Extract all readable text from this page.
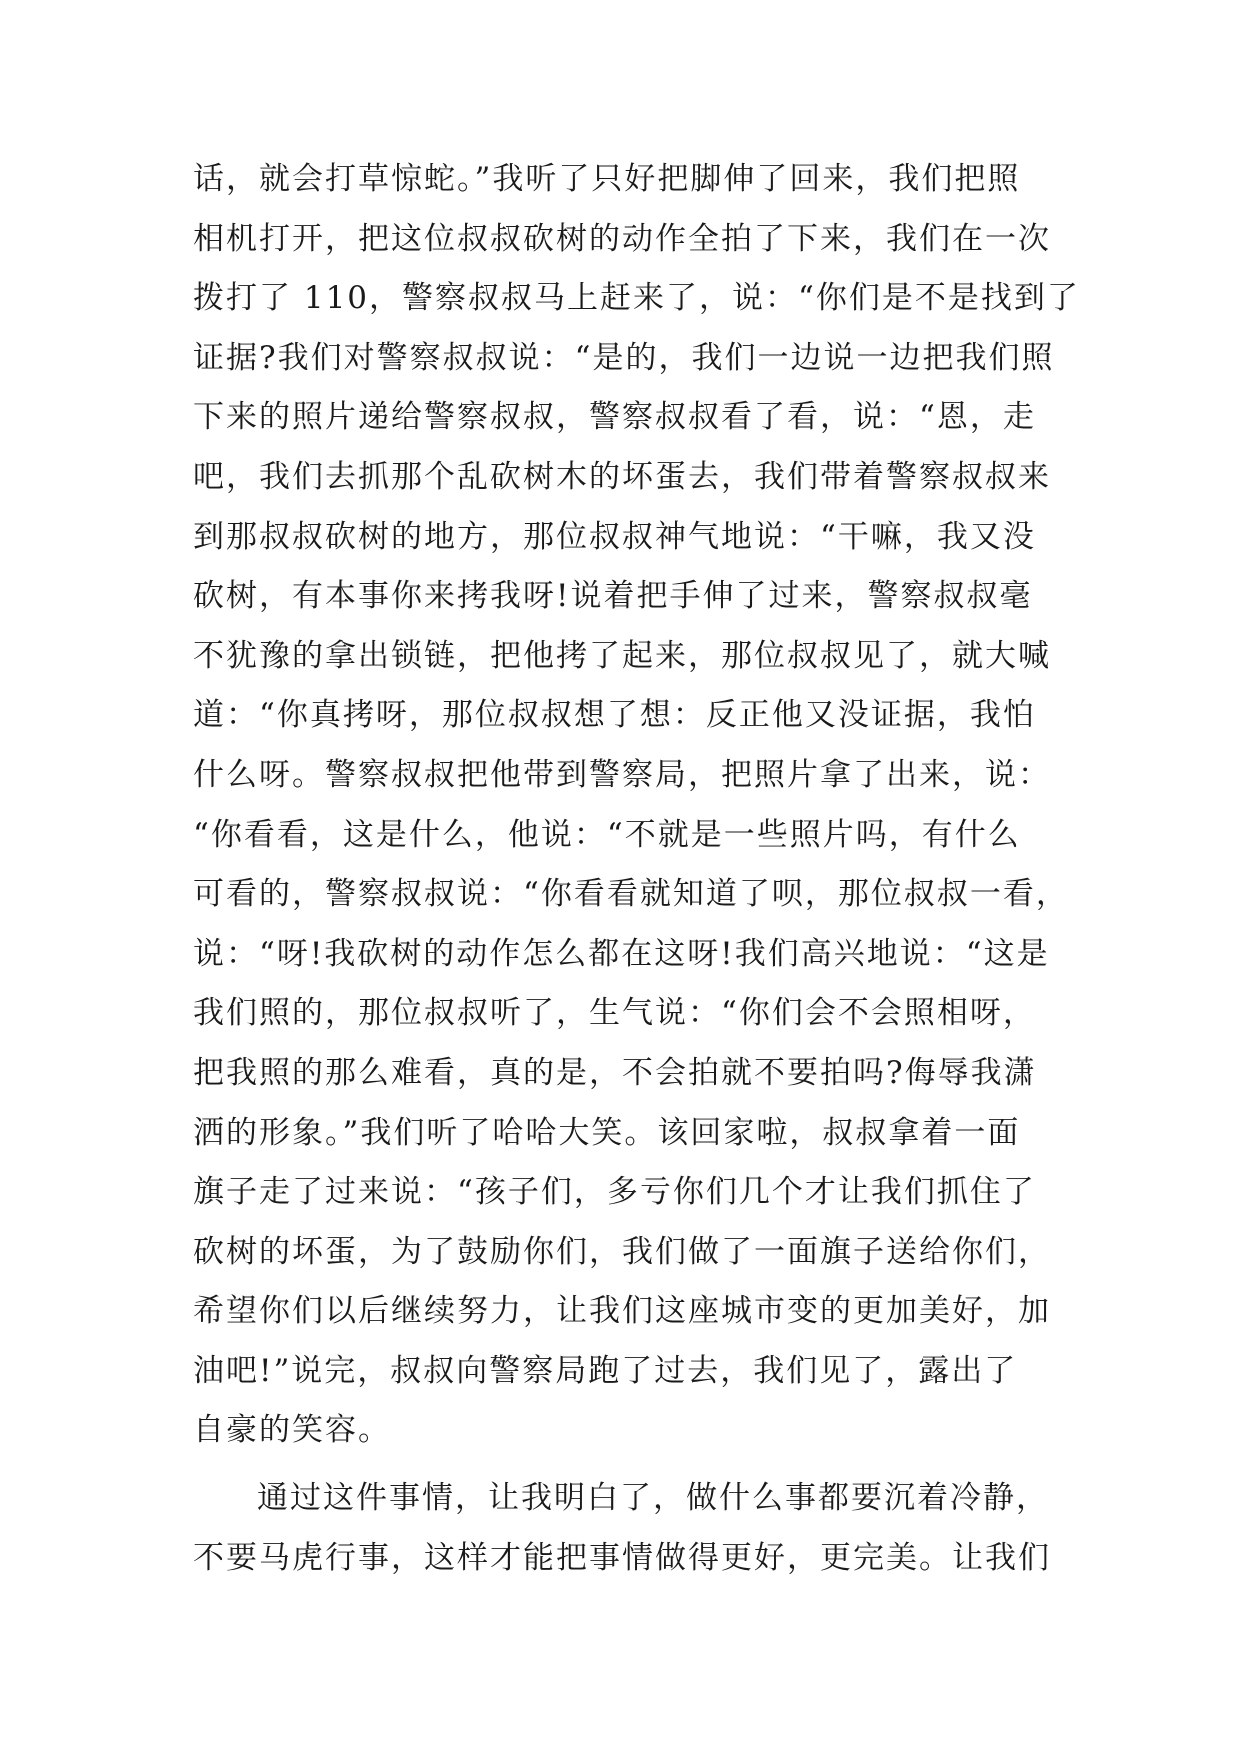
话，就会打草惊蛇。”我听了只好把脚伸了回来，我们把照
相机打开，把这位叔叔砍树的动作全拍了下来，我们在一次
拨打了 110，警察叔叔马上赶来了，说：“你们是不是找到了
证据?我们对警察叔叔说：“是的，我们一边说一边把我们照
下来的照片递给警察叔叔，警察叔叔看了看，说：“恩，走
吧，我们去抓那个乱砍树木的坏蛋去，我们带着警察叔叔来
到那叔叔砍树的地方，那位叔叔神气地说：“干嘛，我又没
砍树，有本事你来拷我呀!说着把手伸了过来，警察叔叔毫
不犹豫的拿出锁链，把他拷了起来，那位叔叔见了，就大喊
道：“你真拷呀，那位叔叔想了想：反正他又没证据，我怕
什么呀。警察叔叔把他带到警察局，把照片拿了出来，说：
“你看看，这是什么，他说：“不就是一些照片吗，有什么
可看的，警察叔叔说：“你看看就知道了呗，那位叔叔一看，
说：“呀!我砍树的动作怎么都在这呀!我们高兴地说：“这是
我们照的，那位叔叔听了，生气说：“你们会不会照相呀，
把我照的那么难看，真的是，不会拍就不要拍吗?侮辱我潇
洒的形象。”我们听了哈哈大笑。该回家啦，叔叔拿着一面
旗子走了过来说：“孩子们，多亏你们几个才让我们抓住了
砍树的坏蛋，为了鼓励你们，我们做了一面旗子送给你们，
希望你们以后继续努力，让我们这座城市变的更加美好，加
油吧!”说完，叔叔向警察局跑了过去，我们见了，露出了
自豪的笑容。
通过这件事情，让我明白了，做什么事都要沉着冷静，
不要马虎行事，这样才能把事情做得更好，更完美。让我们
